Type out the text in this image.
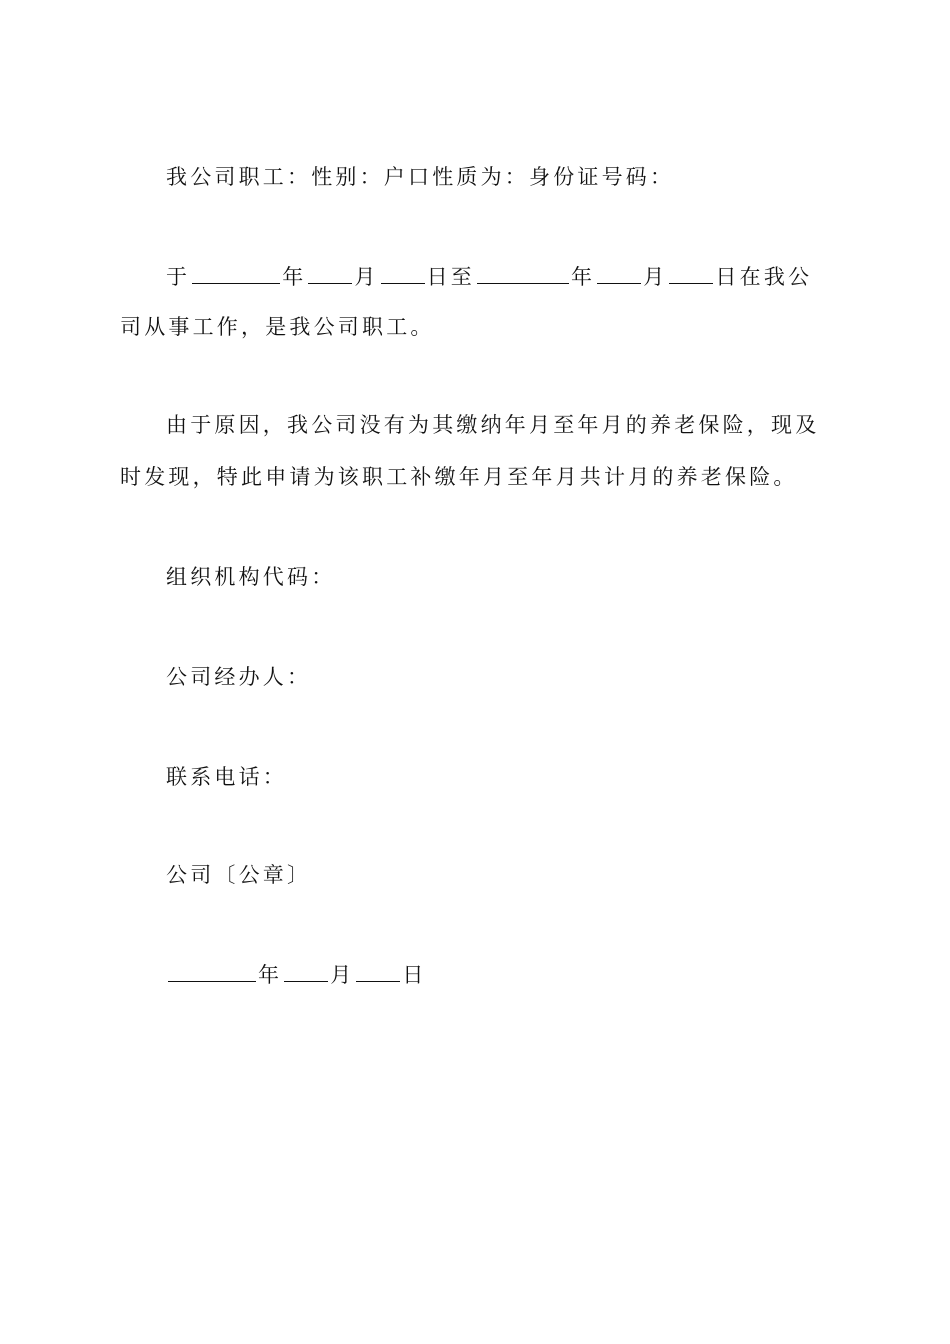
我公司职工：性别：户口性质为：身份证号码：
于	年 月 日至	年 月 日在我公
司从事工作，是我公司职工。
由于原因，我公司没有为其缴纳年月至年月的养老保险，现及
时发现，特此申请为该职工补缴年月至年月共计月的养老保险。
组织机构代码：
公司经办人：
联系电话：
公司〔公章〕
年 月 日
